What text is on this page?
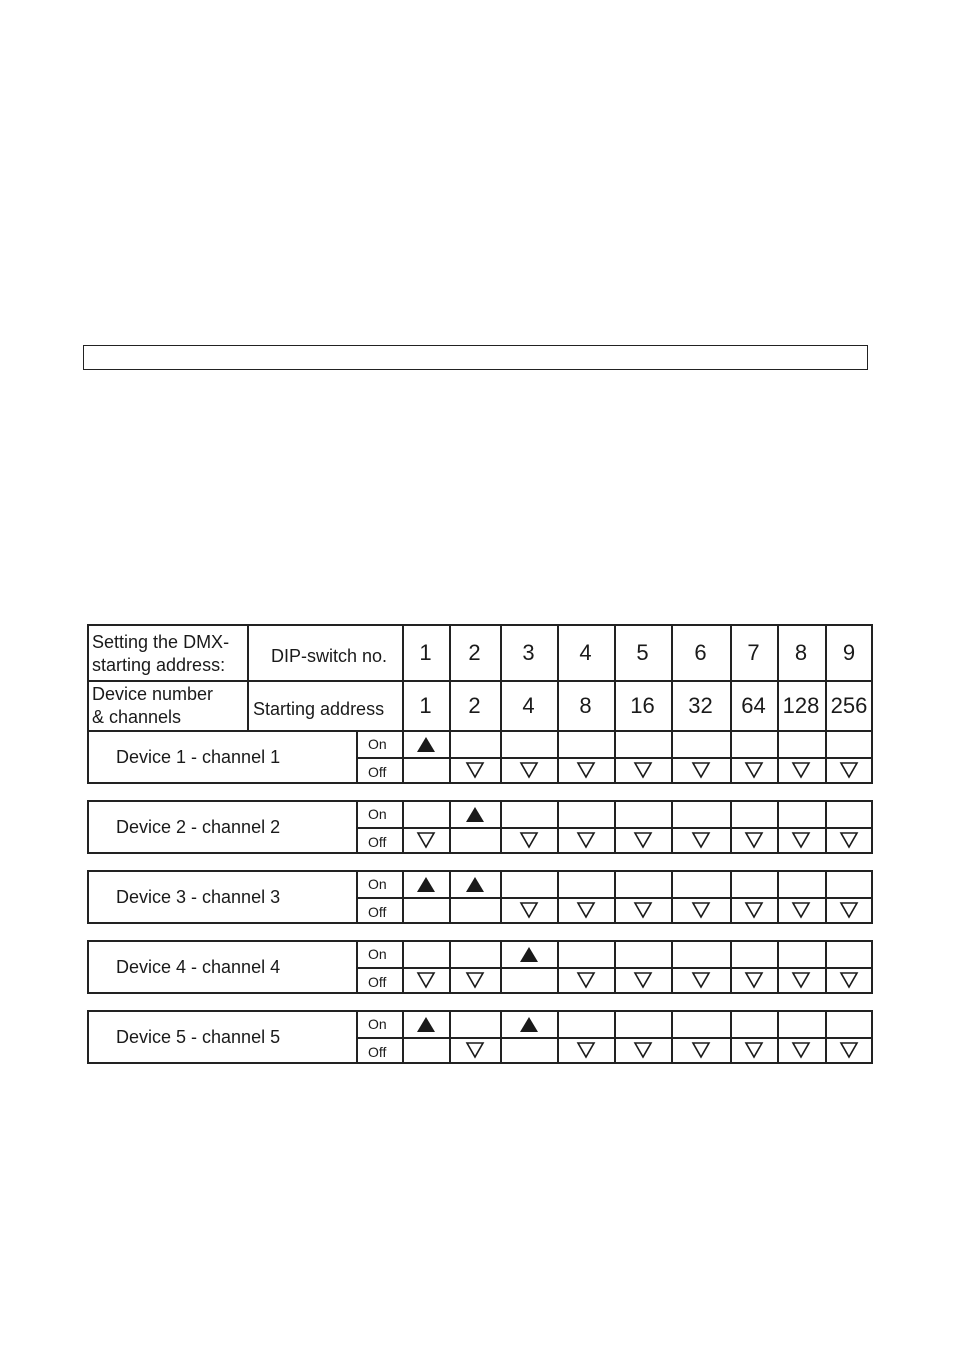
Setting the DMX-
starting address:
Device number
& channels
DIP-switch no.
Starting address
1
1
2
2
3
4
4
8
5
16
6
32
7
64
8
128
9
256
Device 1 - channel 1
On
Off
Device 2 - channel 2
On
Off
Device 3 - channel 3
On
Off
Device 4 - channel 4
On
Off
Device 5 - channel 5
On
Off
